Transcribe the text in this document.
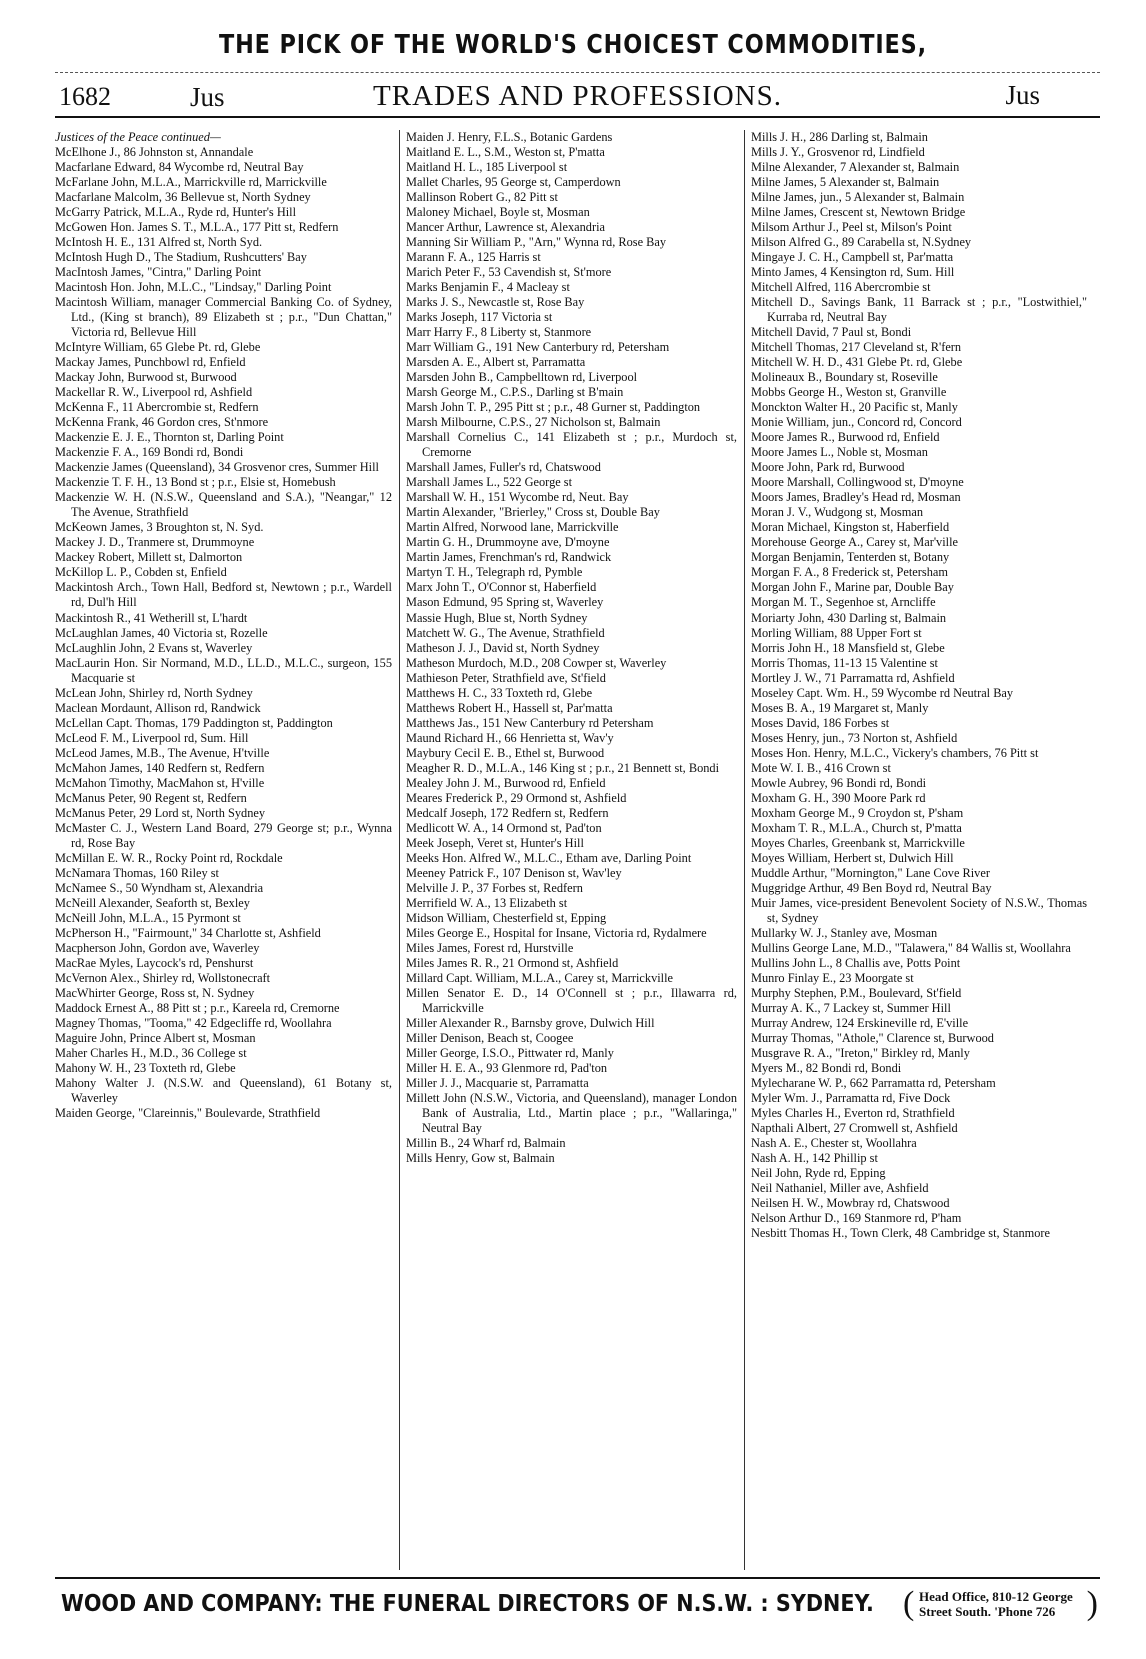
THE PICK OF THE WORLD'S CHOICEST COMMODITIES,
TRADES AND PROFESSIONS.
1682	Jus	Jus
Justices of the Peace continued—
McElhone J., 86 Johnston st, Annandale
Macfarlane Edward, 84 Wycombe rd, Neutral Bay
McFarlane John, M.L.A., Marrickville rd, Marrickville
Macfarlane Malcolm, 36 Bellevue st, North Sydney
McGarry Patrick, M.L.A., Ryde rd, Hunter's Hill
McGowen Hon. James S. T., M.L.A., 177 Pitt st, Redfern
McIntosh H. E., 131 Alfred st, North Syd.
McIntosh Hugh D., The Stadium, Rushcutters' Bay
MacIntosh James, "Cintra," Darling Point
Macintosh Hon. John, M.L.C., "Lindsay," Darling Point
Macintosh William, manager Commercial Banking Co. of Sydney, Ltd., (King st branch), 89 Elizabeth st ; p.r., "Dun Chattan," Victoria rd, Bellevue Hill
McIntyre William, 65 Glebe Pt. rd, Glebe
Mackay James, Punchbowl rd, Enfield
Mackay John, Burwood st, Burwood
Mackellar R. W., Liverpool rd, Ashfield
McKenna F., 11 Abercrombie st, Redfern
McKenna Frank, 46 Gordon cres, St'nmore
Mackenzie E. J. E., Thornton st, Darling Point
Mackenzie F. A., 169 Bondi rd, Bondi
Mackenzie James (Queensland), 34 Grosvenor cres, Summer Hill
Mackenzie T. F. H., 13 Bond st ; p.r., Elsie st, Homebush
Mackenzie W. H. (N.S.W., Queensland and S.A.), "Neangar," 12 The Avenue, Strathfield
McKeown James, 3 Broughton st, N. Syd.
Mackey J. D., Tranmere st, Drummoyne
Mackey Robert, Millett st, Dalmorton
McKillop L. P., Cobden st, Enfield
Mackintosh Arch., Town Hall, Bedford st, Newtown ; p.r., Wardell rd, Dul'h Hill
Mackintosh R., 41 Wetherill st, L'hardt
McLaughlan James, 40 Victoria st, Rozelle
McLaughlin John, 2 Evans st, Waverley
MacLaurin Hon. Sir Normand, M.D., LL.D., M.L.C., surgeon, 155 Macquarie st
McLean John, Shirley rd, North Sydney
Maclean Mordaunt, Allison rd, Randwick
McLellan Capt. Thomas, 179 Paddington st, Paddington
McLeod F. M., Liverpool rd, Sum. Hill
McLeod James, M.B., The Avenue, H'tville
McMahon James, 140 Redfern st, Redfern
McMahon Timothy, MacMahon st, H'ville
McManus Peter, 90 Regent st, Redfern
McManus Peter, 29 Lord st, North Sydney
McMaster C. J., Western Land Board, 279 George st; p.r., Wynna rd, Rose Bay
McMillan E. W. R., Rocky Point rd, Rockdale
McNamara Thomas, 160 Riley st
McNamee S., 50 Wyndham st, Alexandria
McNeill Alexander, Seaforth st, Bexley
McNeill John, M.L.A., 15 Pyrmont st
McPherson H., "Fairmount," 34 Charlotte st, Ashfield
Macpherson John, Gordon ave, Waverley
MacRae Myles, Laycock's rd, Penshurst
McVernon Alex., Shirley rd, Wollstonecraft
MacWhirter George, Ross st, N. Sydney
Maddock Ernest A., 88 Pitt st ; p.r., Kareela rd, Cremorne
Magney Thomas, "Tooma," 42 Edgecliffe rd, Woollahra
Maguire John, Prince Albert st, Mosman
Maher Charles H., M.D., 36 College st
Mahony W. H., 23 Toxteth rd, Glebe
Mahony Walter J. (N.S.W. and Queensland), 61 Botany st, Waverley
Maiden George, "Clareinnis," Boulevarde, Strathfield
Maiden J. Henry, F.L.S., Botanic Gardens
Maitland E. L., S.M., Weston st, P'matta
Maitland H. L., 185 Liverpool st
Mallet Charles, 95 George st, Camperdown
Mallinson Robert G., 82 Pitt st
Maloney Michael, Boyle st, Mosman
Mancer Arthur, Lawrence st, Alexandria
Manning Sir William P., "Arn," Wynna rd, Rose Bay
Marann F. A., 125 Harris st
Marich Peter F., 53 Cavendish st, St'more
Marks Benjamin F., 4 Macleay st
Marks J. S., Newcastle st, Rose Bay
Marks Joseph, 117 Victoria st
Marr Harry F., 8 Liberty st, Stanmore
Marr William G., 191 New Canterbury rd, Petersham
Marsden A. E., Albert st, Parramatta
Marsden John B., Campbelltown rd, Liverpool
Marsh George M., C.P.S., Darling st B'main
Marsh John T. P., 295 Pitt st ; p.r., 48 Gurner st, Paddington
Marsh Milbourne, C.P.S., 27 Nicholson st, Balmain
Marshall Cornelius C., 141 Elizabeth st ; p.r., Murdoch st, Cremorne
Marshall James, Fuller's rd, Chatswood
Marshall James L., 522 George st
Marshall W. H., 151 Wycombe rd, Neut. Bay
Martin Alexander, "Brierley," Cross st, Double Bay
Martin Alfred, Norwood lane, Marrickville
Martin G. H., Drummoyne ave, D'moyne
Martin James, Frenchman's rd, Randwick
Martyn T. H., Telegraph rd, Pymble
Marx John T., O'Connor st, Haberfield
Mason Edmund, 95 Spring st, Waverley
Massie Hugh, Blue st, North Sydney
Matchett W. G., The Avenue, Strathfield
Matheson J. J., David st, North Sydney
Matheson Murdoch, M.D., 208 Cowper st, Waverley
Mathieson Peter, Strathfield ave, St'field
Matthews H. C., 33 Toxteth rd, Glebe
Matthews Robert H., Hassell st, Par'matta
Matthews Jas., 151 New Canterbury rd Petersham
Maund Richard H., 66 Henrietta st, Wav'y
Maybury Cecil E. B., Ethel st, Burwood
Meagher R. D., M.L.A., 146 King st ; p.r., 21 Bennett st, Bondi
Mealey John J. M., Burwood rd, Enfield
Meares Frederick P., 29 Ormond st, Ashfield
Medcalf Joseph, 172 Redfern st, Redfern
Medlicott W. A., 14 Ormond st, Pad'ton
Meek Joseph, Veret st, Hunter's Hill
Meeks Hon. Alfred W., M.L.C., Etham ave, Darling Point
Meeney Patrick F., 107 Denison st, Wav'ley
Melville J. P., 37 Forbes st, Redfern
Merrifield W. A., 13 Elizabeth st
Midson William, Chesterfield st, Epping
Miles George E., Hospital for Insane, Victoria rd, Rydalmere
Miles James, Forest rd, Hurstville
Miles James R. R., 21 Ormond st, Ashfield
Millard Capt. William, M.L.A., Carey st, Marrickville
Millen Senator E. D., 14 O'Connell st ; p.r., Illawarra rd, Marrickville
Miller Alexander R., Barnsby grove, Dulwich Hill
Miller Denison, Beach st, Coogee
Miller George, I.S.O., Pittwater rd, Manly
Miller H. E. A., 93 Glenmore rd, Pad'ton
Miller J. J., Macquarie st, Parramatta
Millett John (N.S.W., Victoria, and Queensland), manager London Bank of Australia, Ltd., Martin place ; p.r., "Wallaringa," Neutral Bay
Millin B., 24 Wharf rd, Balmain
Mills Henry, Gow st, Balmain
Mills J. H., 286 Darling st, Balmain
Mills J. Y., Grosvenor rd, Lindfield
Milne Alexander, 7 Alexander st, Balmain
Milne James, 5 Alexander st, Balmain
Milne James, jun., 5 Alexander st, Balmain
Milne James, Crescent st, Newtown Bridge
Milsom Arthur J., Peel st, Milson's Point
Milson Alfred G., 89 Carabella st, N.Sydney
Mingaye J. C. H., Campbell st, Par'matta
Minto James, 4 Kensington rd, Sum. Hill
Mitchell Alfred, 116 Abercrombie st
Mitchell D., Savings Bank, 11 Barrack st ; p.r., "Lostwithiel," Kurraba rd, Neutral Bay
Mitchell David, 7 Paul st, Bondi
Mitchell Thomas, 217 Cleveland st, R'fern
Mitchell W. H. D., 431 Glebe Pt. rd, Glebe
Molineaux B., Boundary st, Roseville
Mobbs George H., Weston st, Granville
Monckton Walter H., 20 Pacific st, Manly
Monie William, jun., Concord rd, Concord
Moore James R., Burwood rd, Enfield
Moore James L., Noble st, Mosman
Moore John, Park rd, Burwood
Moore Marshall, Collingwood st, D'moyne
Moors James, Bradley's Head rd, Mosman
Moran J. V., Wudgong st, Mosman
Moran Michael, Kingston st, Haberfield
Morehouse George A., Carey st, Mar'ville
Morgan Benjamin, Tenterden st, Botany
Morgan F. A., 8 Frederick st, Petersham
Morgan John F., Marine par, Double Bay
Morgan M. T., Segenhoe st, Arncliffe
Moriarty John, 430 Darling st, Balmain
Morling William, 88 Upper Fort st
Morris John H., 18 Mansfield st, Glebe
Morris Thomas, 11-13 15 Valentine st
Mortley J. W., 71 Parramatta rd, Ashfield
Moseley Capt. Wm. H., 59 Wycombe rd Neutral Bay
Moses B. A., 19 Margaret st, Manly
Moses David, 186 Forbes st
Moses Henry, jun., 73 Norton st, Ashfield
Moses Hon. Henry, M.L.C., Vickery's chambers, 76 Pitt st
Mote W. I. B., 416 Crown st
Mowle Aubrey, 96 Bondi rd, Bondi
Moxham G. H., 390 Moore Park rd
Moxham George M., 9 Croydon st, P'sham
Moxham T. R., M.L.A., Church st, P'matta
Moyes Charles, Greenbank st, Marrickville
Moyes William, Herbert st, Dulwich Hill
Muddle Arthur, "Mornington," Lane Cove River
Muggridge Arthur, 49 Ben Boyd rd, Neutral Bay
Muir James, vice-president Benevolent Society of N.S.W., Thomas st, Sydney
Mullarky W. J., Stanley ave, Mosman
Mullins George Lane, M.D., "Talawera," 84 Wallis st, Woollahra
Mullins John L., 8 Challis ave, Potts Point
Munro Finlay E., 23 Moorgate st
Murphy Stephen, P.M., Boulevard, St'field
Murray A. K., 7 Lackey st, Summer Hill
Murray Andrew, 124 Erskineville rd, E'ville
Murray Thomas, "Athole," Clarence st, Burwood
Musgrave R. A., "Ireton," Birkley rd, Manly
Myers M., 82 Bondi rd, Bondi
Mylecharane W. P., 662 Parramatta rd, Petersham
Myler Wm. J., Parramatta rd, Five Dock
Myles Charles H., Everton rd, Strathfield
Napthali Albert, 27 Cromwell st, Ashfield
Nash A. E., Chester st, Woollahra
Nash A. H., 142 Phillip st
Neil John, Ryde rd, Epping
Neil Nathaniel, Miller ave, Ashfield
Neilsen H. W., Mowbray rd, Chatswood
Nelson Arthur D., 169 Stanmore rd, P'ham
Nesbitt Thomas H., Town Clerk, 48 Cambridge st, Stanmore
WOOD AND COMPANY: THE FUNERAL DIRECTORS OF N.S.W. : SYDNEY. ( Head Office, 810-12 George
Street South. 'Phone 726 )
